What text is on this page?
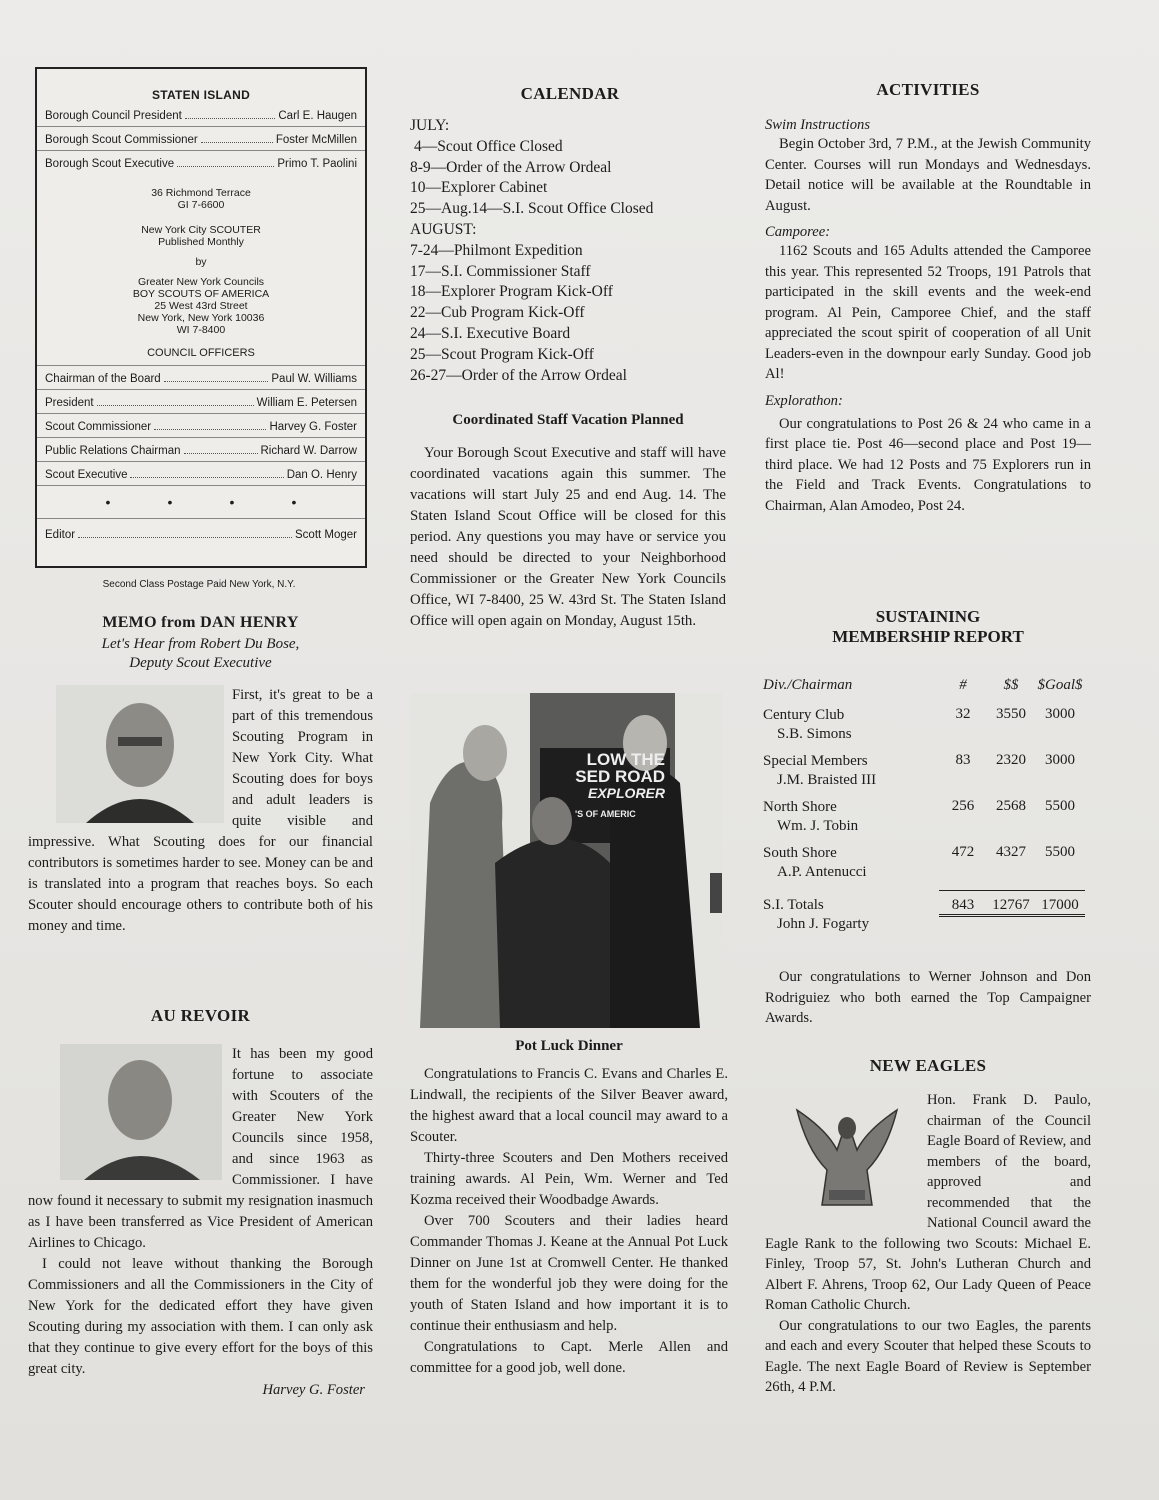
STATEN ISLAND
Borough Council President	Carl E. Haugen
Borough Scout Commissioner	Foster McMillen
Borough Scout Executive	Primo T. Paolini
36 Richmond Terrace
GI 7-6600
New York City SCOUTER
Published Monthly
by
Greater New York Councils
BOY SCOUTS OF AMERICA
25 West 43rd Street
New York, New York 10036
WI 7-8400
COUNCIL OFFICERS
Chairman of the Board	Paul W. Williams
President	William E. Petersen
Scout Commissioner	Harvey G. Foster
Public Relations Chairman	Richard W. Darrow
Scout Executive	Dan O. Henry
•	•	•	•
Editor	Scott Moger
Second Class Postage Paid New York, N.Y.
MEMO from DAN HENRY
Let's Hear from Robert Du Bose,
Deputy Scout Executive

First, it's great to be a part of this tremendous Scouting Program in New York City. What Scouting does for boys and adult leaders is quite visible and impressive. What Scouting does for our financial contributors is sometimes harder to see. Money can be and is translated into a program that reaches boys. So each Scouter should encourage others to contribute both of his money and time.

AU REVOIR

It has been my good fortune to associate with Scouters of the Greater New York Councils since 1958, and since 1963 as Commissioner. I have now found it necessary to submit my resignation inasmuch as I have been transferred as Vice President of American Airlines to Chicago.

I could not leave without thanking the Borough Commissioners and all the Commissioners in the City of New York for the dedicated effort they have given Scouting during my association with them. I can only ask that they continue to give every effort for the boys of this great city.

Harvey G. Foster

CALENDAR
JULY:
4—Scout Office Closed
8-9—Order of the Arrow Ordeal
10—Explorer Cabinet
25—Aug.14—S.I. Scout Office Closed
AUGUST:
7-24—Philmont Expedition
17—S.I. Commissioner Staff
18—Explorer Program Kick-Off
22—Cub Program Kick-Off
24—S.I. Executive Board
25—Scout Program Kick-Off
26-27—Order of the Arrow Ordeal
Coordinated Staff Vacation Planned

Your Borough Scout Executive and staff will have coordinated vacations again this summer. The vacations will start July 25 and end Aug. 14. The Staten Island Scout Office will be closed for this period. Any questions you may have or service you need should be directed to your Neighborhood Commissioner or the Greater New York Councils Office, WI 7-8400, 25 W. 43rd St. The Staten Island Office will open again on Monday, August 15th.

LOW THE
SED ROAD
EXPLORER
'S OF AMERIC
Pot Luck Dinner

Congratulations to Francis C. Evans and Charles E. Lindwall, the recipients of the Silver Beaver award, the highest award that a local council may award to a Scouter.

Thirty-three Scouters and Den Mothers received training awards. Al Pein, Wm. Werner and Ted Kozma received their Woodbadge Awards.

Over 700 Scouters and their ladies heard Commander Thomas J. Keane at the Annual Pot Luck Dinner on June 1st at Cromwell Center. He thanked them for the wonderful job they were doing for the youth of Staten Island and how important it is to continue their enthusiasm and help.

Congratulations to Capt. Merle Allen and committee for a good job, well done.

ACTIVITIES
Swim Instructions

Begin October 3rd, 7 P.M., at the Jewish Community Center. Courses will run Mondays and Wednesdays. Detail notice will be available at the Roundtable in August.

Camporee:

1162 Scouts and 165 Adults attended the Camporee this year. This represented 52 Troops, 191 Patrols that participated in the skill events and the week-end program. Al Pein, Camporee Chief, and the staff appreciated the scout spirit of cooperation of all Unit Leaders-even in the downpour early Sunday. Good job Al!

Explorathon:

Our congratulations to Post 26 & 24 who came in a first place tie. Post 46—second place and Post 19—third place. We had 12 Posts and 75 Explorers run in the Field and Track Events. Congratulations to Chairman, Alan Amodeo, Post 24.

SUSTAINING
MEMBERSHIP REPORT
Div./Chairman	#	$$	$Goal$

Century Club
S.B. Simons	32	3550	3000

Special Members
J.M. Braisted III	83	2320	3000

North Shore
Wm. J. Tobin	256	2568	5500

South Shore
A.P. Antenucci	472	4327	5500

S.I. Totals
John J. Fogarty	843	12767	17000

Our congratulations to Werner Johnson and Don Rodriguiez who both earned the Top Campaigner Awards.

NEW EAGLES

Hon. Frank D. Paulo, chairman of the Council Eagle Board of Review, and members of the board, approved and recommended that the National Council award the Eagle Rank to the following two Scouts: Michael E. Finley, Troop 57, St. John's Lutheran Church and Albert F. Ahrens, Troop 62, Our Lady Queen of Peace Roman Catholic Church.

Our congratulations to our two Eagles, the parents and each and every Scouter that helped these Scouts to Eagle. The next Eagle Board of Review is September 26th, 4 P.M.
